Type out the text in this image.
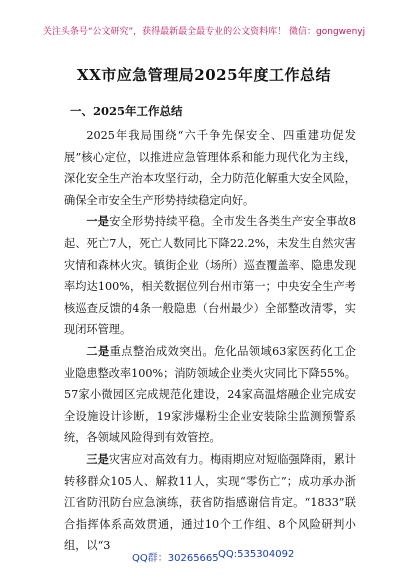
关注头条号“公文研究”，获得最新最全最专业的公文资料库！ 微信：gongwenyj
XX市应急管理局2025年度工作总结
一、2025年工作总结

2025年我局围绕“六千争先保安全、四重建功促发展”核心定位，以推进应急管理体系和能力现代化为主线，深化安全生产治本攻坚行动，全力防范化解重大安全风险，确保全市安全生产形势持续稳定向好。

一是安全形势持续平稳。全市发生各类生产安全事故8起、死亡7人，死亡人数同比下降22.2%，未发生自然灾害灾情和森林火灾。镇街企业（场所）巡查覆盖率、隐患发现率均达100%，相关数据位列台州市第一；中央安全生产考核巡查反馈的4条一般隐患（台州最少）全部整改清零，实现闭环管理。

二是重点整治成效突出。危化品领域63家医药化工企业隐患整改率100%；消防领域企业类火灾同比下降55%。57家小微园区完成规范化建设，24家高温熔融企业完成安全设施设计诊断，19家涉爆粉尘企业安装除尘监测预警系统，各领域风险得到有效管控。

三是灾害应对高效有力。梅雨期应对短临强降雨，累计转移群众105人、解救11人，实现“零伤亡”；成功承办浙江省防汛防台应急演练，获省防指感谢信肯定。“1833”联合指挥体系高效贯通，通过10个工作组、8个风险研判小组，以“3

QQ群：30265665 QQ:535304092
